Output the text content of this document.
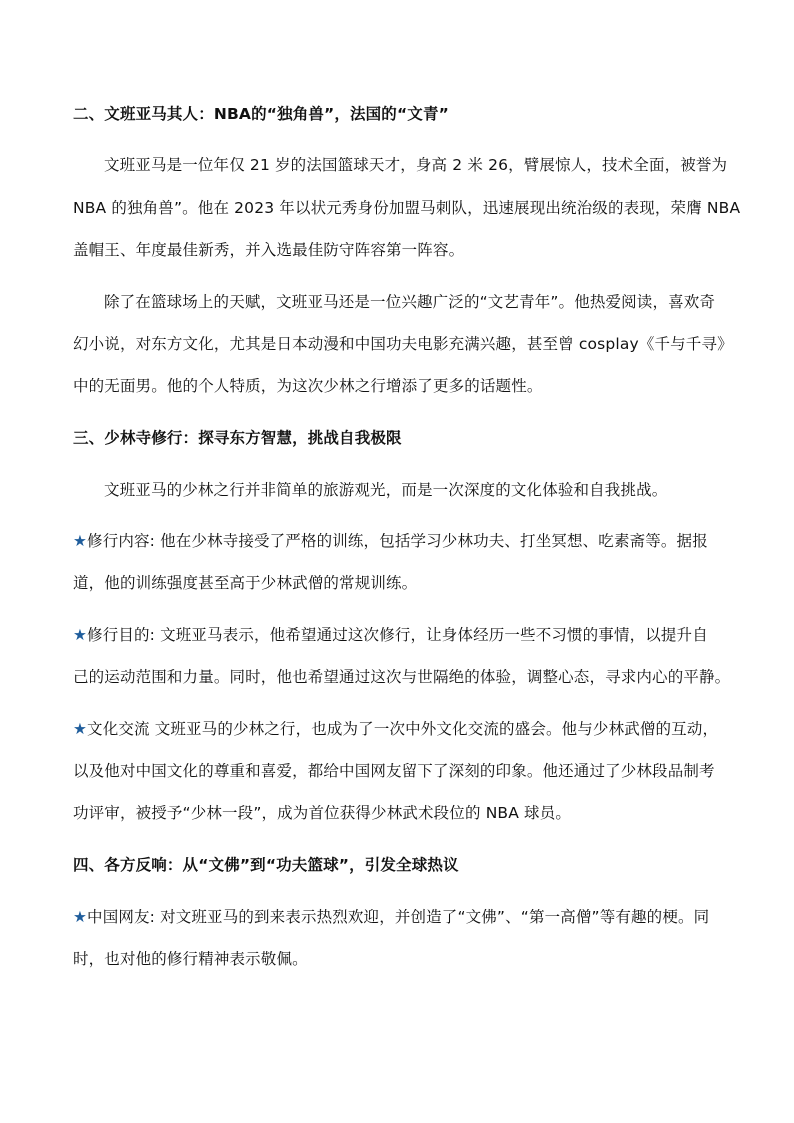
二、文班亚马其人：NBA的“独角兽”，法国的“文青”
文班亚马是一位年仅 21 岁的法国篮球天才，身高 2 米 26，臂展惊人，技术全面，被誉为
NBA 的独角兽”。他在 2023 年以状元秀身份加盟马刺队，迅速展现出统治级的表现，荣膺 NBA
盖帽王、年度最佳新秀，并入选最佳防守阵容第一阵容。
除了在篮球场上的天赋，文班亚马还是一位兴趣广泛的“文艺青年”。他热爱阅读，喜欢奇
幻小说，对东方文化，尤其是日本动漫和中国功夫电影充满兴趣，甚至曾 cosplay《千与千寻》
中的无面男。他的个人特质，为这次少林之行增添了更多的话题性。
三、少林寺修行：探寻东方智慧，挑战自我极限
文班亚马的少林之行并非简单的旅游观光，而是一次深度的文化体验和自我挑战。
★修行内容: 他在少林寺接受了严格的训练，包括学习少林功夫、打坐冥想、吃素斋等。据报
道，他的训练强度甚至高于少林武僧的常规训练。
★修行目的: 文班亚马表示，他希望通过这次修行，让身体经历一些不习惯的事情，以提升自
己的运动范围和力量。同时，他也希望通过这次与世隔绝的体验，调整心态，寻求内心的平静。
★文化交流 文班亚马的少林之行，也成为了一次中外文化交流的盛会。他与少林武僧的互动，
以及他对中国文化的尊重和喜爱，都给中国网友留下了深刻的印象。他还通过了少林段品制考
功评审，被授予“少林一段”，成为首位获得少林武术段位的 NBA 球员。
四、各方反响：从“文佛”到“功夫篮球”，引发全球热议
★中国网友: 对文班亚马的到来表示热烈欢迎，并创造了“文佛”、“第一高僧”等有趣的梗。同
时，也对他的修行精神表示敬佩。
